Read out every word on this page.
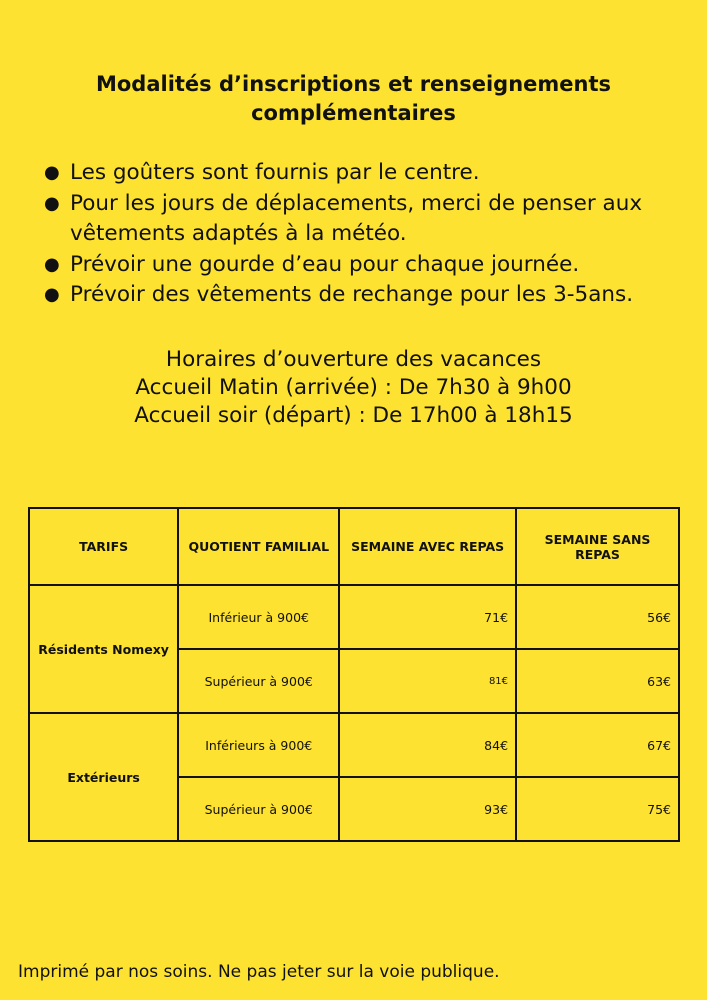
Modalités d’inscriptions et renseignements
complémentaires
● Les goûters sont fournis par le centre.
● Pour les jours de déplacements, merci de penser aux vêtements adaptés à la météo.
● Prévoir une gourde d’eau pour chaque journée.
● Prévoir des vêtements de rechange pour les 3-5ans.
Horaires d’ouverture des vacances
Accueil Matin (arrivée) : De 7h30 à 9h00
Accueil soir (départ) : De 17h00 à 18h15
TARIFS	QUOTIENT FAMILIAL	SEMAINE AVEC REPAS	SEMAINE SANS REPAS
Résidents Nomexy	Inférieur à 900€	71€	56€
	Supérieur à 900€	81€	63€
Extérieurs	Inférieurs à 900€	84€	67€
	Supérieur à 900€	93€	75€
Imprimé par nos soins. Ne pas jeter sur la voie publique.
